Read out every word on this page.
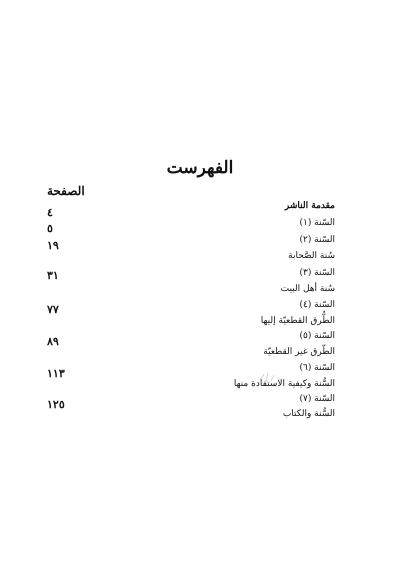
الفهرست
الصفحة
مقدمة الناشر
السّنة (١)
السّنة (٢)
سُنة الصَّحابة
السّنة (٣)
سُنة أهل البيت
السّنة (٤)
الطُّرق القطعيّة إليها
السّنة (٥)
الطّرق غير القطعيّة
السّنة (٦)
السُّنة وكيفية الاستفادة منها
السّنة (٧)
السُّنة والكتاب
٤
٥
١٩
٣١
٧٧
٨٩
١١٣
١٢٥
